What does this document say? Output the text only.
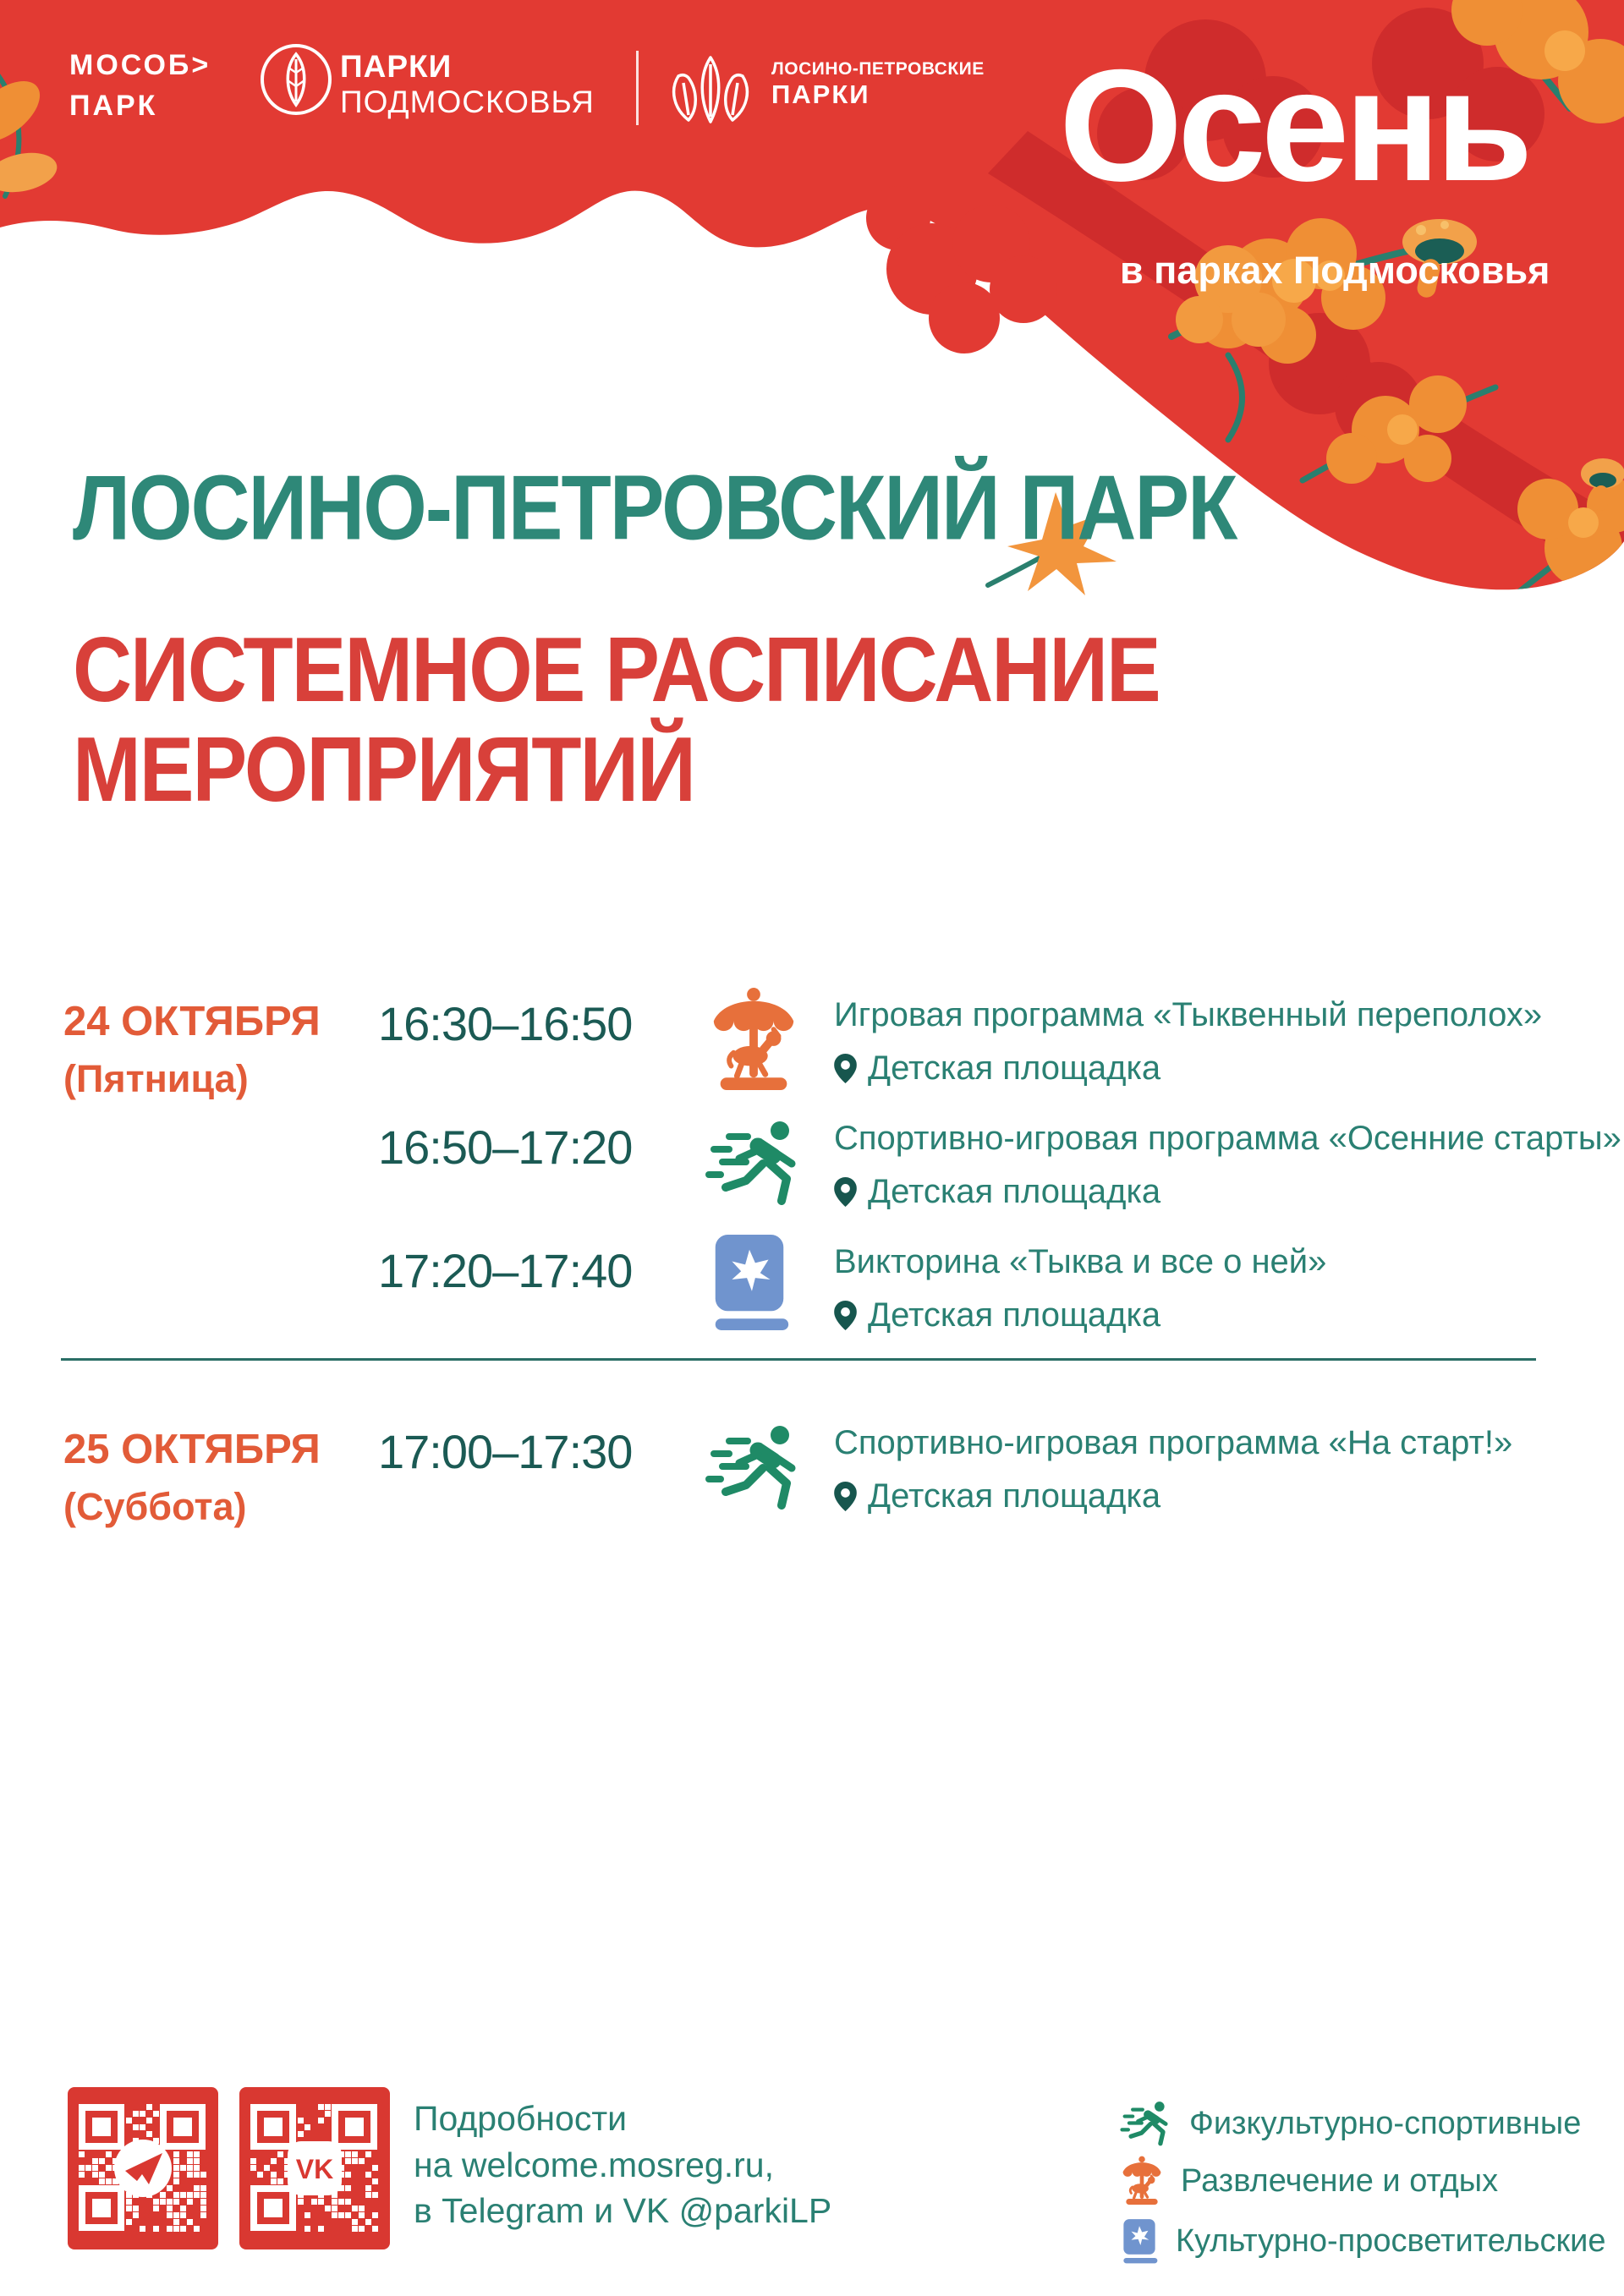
МОСОБ>
ПАРК
ПАРКИ
ПОДМОСКОВЬЯ
ЛОСИНО-ПЕТРОВСКИЕ
ПАРКИ Осень
в парках Подмосковья
ЛОСИНО-ПЕТРОВСКИЙ ПАРК
СИСТЕМНОЕ РАСПИСАНИЕ
МЕРОПРИЯТИЙ
24 ОКТЯБРЯ
(Пятница)
16:30–16:50	Игровая программа «Тыквенный переполох»
Детская площадка
16:50–17:20	Спортивно-игровая программа «Осенние старты»
Детская площадка
17:20–17:40	Викторина «Тыква и все о ней»
Детская площадка
25 ОКТЯБРЯ
(Суббота)
17:00–17:30	Спортивно-игровая программа «На старт!»
Детская площадка
VK
Подробности
на welcome.mosreg.ru,
в Telegram и VK @parkiLP
Физкультурно-спортивные
Развлечение и отдых
Культурно-просветительские
